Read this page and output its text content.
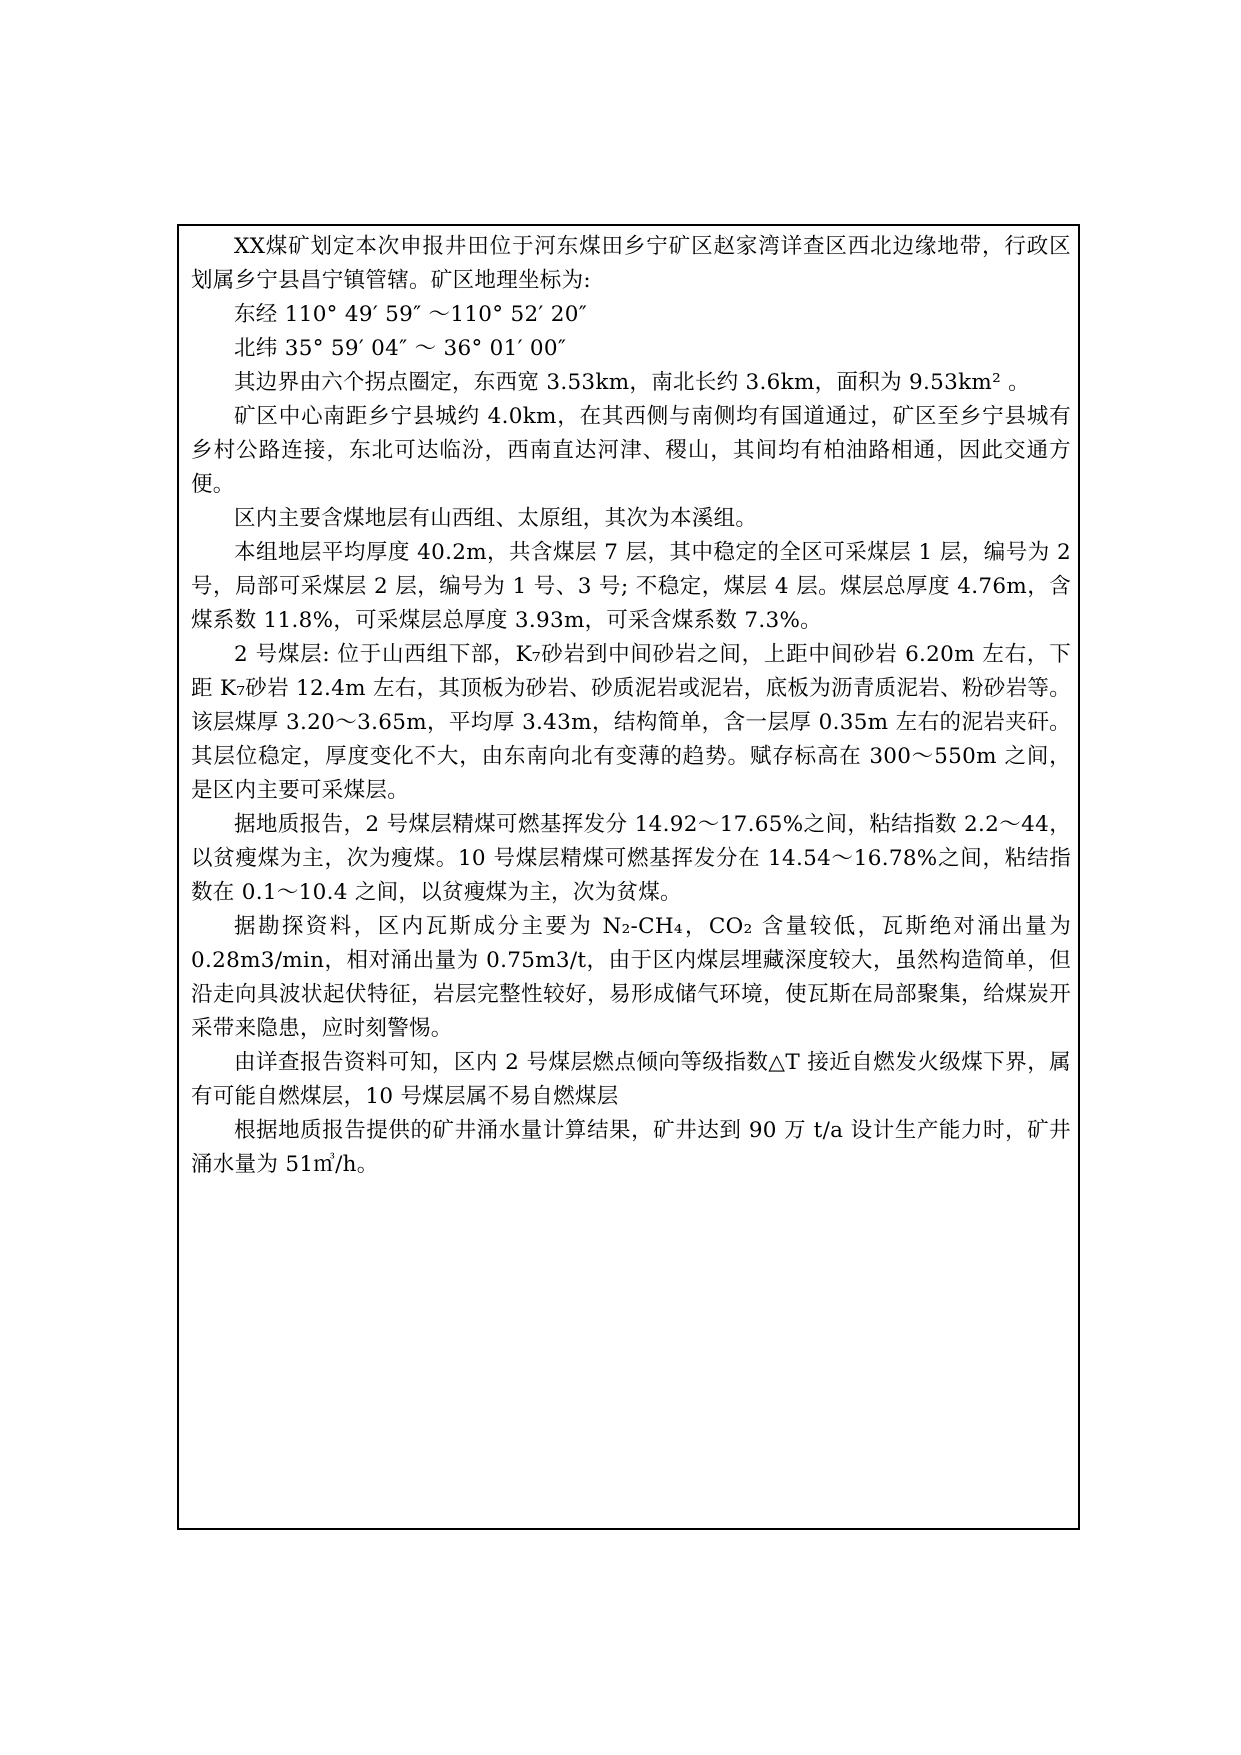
XX煤矿划定本次申报井田位于河东煤田乡宁矿区赵家湾详查区西北边缘地带，行政区划属乡宁县昌宁镇管辖。矿区地理坐标为:

东经 110° 49′ 59″ ～110° 52′ 20″

北纬 35° 59′ 04″ ～ 36° 01′ 00″

其边界由六个拐点圈定，东西宽 3.53km，南北长约 3.6km，面积为 9.53km² 。

矿区中心南距乡宁县城约 4.0km，在其西侧与南侧均有国道通过，矿区至乡宁县城有乡村公路连接，东北可达临汾，西南直达河津、稷山，其间均有柏油路相通，因此交通方便。

区内主要含煤地层有山西组、太原组，其次为本溪组。

本组地层平均厚度 40.2m，共含煤层 7 层，其中稳定的全区可采煤层 1 层，编号为 2 号，局部可采煤层 2 层，编号为 1 号、3 号; 不稳定，煤层 4 层。煤层总厚度 4.76m，含煤系数 11.8%，可采煤层总厚度 3.93m，可采含煤系数 7.3%。

2 号煤层: 位于山西组下部，K₇砂岩到中间砂岩之间，上距中间砂岩 6.20m 左右，下距 K₇砂岩 12.4m 左右，其顶板为砂岩、砂质泥岩或泥岩，底板为沥青质泥岩、粉砂岩等。该层煤厚 3.20～3.65m，平均厚 3.43m，结构简单，含一层厚 0.35m 左右的泥岩夹矸。其层位稳定，厚度变化不大，由东南向北有变薄的趋势。赋存标高在 300～550m 之间，是区内主要可采煤层。

据地质报告，2 号煤层精煤可燃基挥发分 14.92～17.65%之间，粘结指数 2.2～44，以贫瘦煤为主，次为瘦煤。10 号煤层精煤可燃基挥发分在 14.54～16.78%之间，粘结指数在 0.1～10.4 之间，以贫瘦煤为主，次为贫煤。

据勘探资料，区内瓦斯成分主要为 N₂-CH₄，CO₂ 含量较低，瓦斯绝对涌出量为 0.28m3/min，相对涌出量为 0.75m3/t，由于区内煤层埋藏深度较大，虽然构造简单，但沿走向具波状起伏特征，岩层完整性较好，易形成储气环境，使瓦斯在局部聚集，给煤炭开采带来隐患，应时刻警惕。

由详查报告资料可知，区内 2 号煤层燃点倾向等级指数△T 接近自燃发火级煤下界，属有可能自燃煤层，10 号煤层属不易自燃煤层

根据地质报告提供的矿井涌水量计算结果，矿井达到 90 万 t/a 设计生产能力时，矿井涌水量为 51㎥/h。
